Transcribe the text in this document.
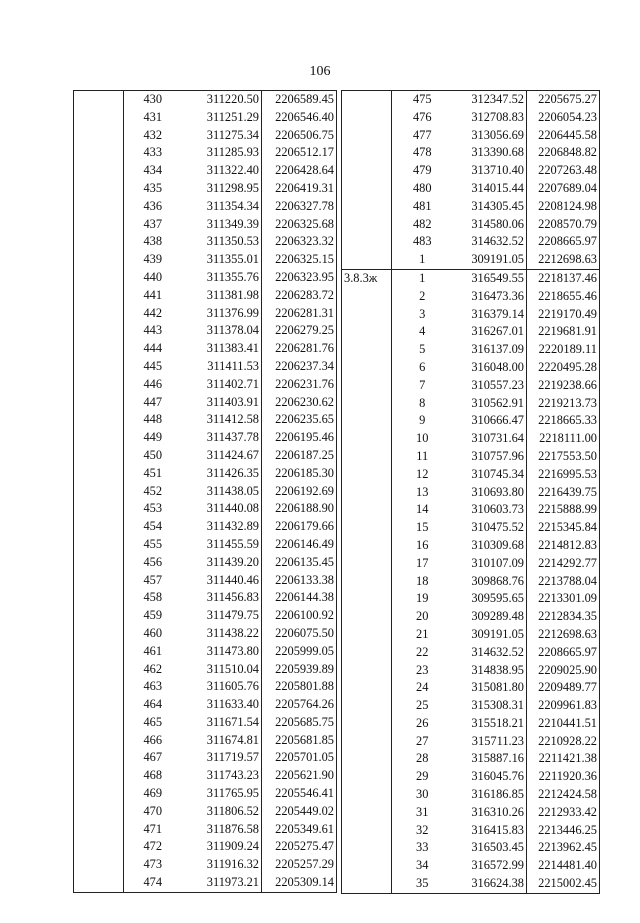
106
	430	311220.50	2206589.45
	431	311251.29	2206546.40
	432	311275.34	2206506.75
	433	311285.93	2206512.17
	434	311322.40	2206428.64
	435	311298.95	2206419.31
	436	311354.34	2206327.78
	437	311349.39	2206325.68
	438	311350.53	2206323.32
	439	311355.01	2206325.15
	440	311355.76	2206323.95
	441	311381.98	2206283.72
	442	311376.99	2206281.31
	443	311378.04	2206279.25
	444	311383.41	2206281.76
	445	311411.53	2206237.34
	446	311402.71	2206231.76
	447	311403.91	2206230.62
	448	311412.58	2206235.65
	449	311437.78	2206195.46
	450	311424.67	2206187.25
	451	311426.35	2206185.30
	452	311438.05	2206192.69
	453	311440.08	2206188.90
	454	311432.89	2206179.66
	455	311455.59	2206146.49
	456	311439.20	2206135.45
	457	311440.46	2206133.38
	458	311456.83	2206144.38
	459	311479.75	2206100.92
	460	311438.22	2206075.50
	461	311473.80	2205999.05
	462	311510.04	2205939.89
	463	311605.76	2205801.88
	464	311633.40	2205764.26
	465	311671.54	2205685.75
	466	311674.81	2205681.85
	467	311719.57	2205701.05
	468	311743.23	2205621.90
	469	311765.95	2205546.41
	470	311806.52	2205449.02
	471	311876.58	2205349.61
	472	311909.24	2205275.47
	473	311916.32	2205257.29
	474	311973.21	2205309.14
	475	312347.52	2205675.27
	476	312708.83	2206054.23
	477	313056.69	2206445.58
	478	313390.68	2206848.82
	479	313710.40	2207263.48
	480	314015.44	2207689.04
	481	314305.45	2208124.98
	482	314580.06	2208570.79
	483	314632.52	2208665.97
	1	309191.05	2212698.63
3.8.3ж	1	316549.55	2218137.46
	2	316473.36	2218655.46
	3	316379.14	2219170.49
	4	316267.01	2219681.91
	5	316137.09	2220189.11
	6	316048.00	2220495.28
	7	310557.23	2219238.66
	8	310562.91	2219213.73
	9	310666.47	2218665.33
	10	310731.64	2218111.00
	11	310757.96	2217553.50
	12	310745.34	2216995.53
	13	310693.80	2216439.75
	14	310603.73	2215888.99
	15	310475.52	2215345.84
	16	310309.68	2214812.83
	17	310107.09	2214292.77
	18	309868.76	2213788.04
	19	309595.65	2213301.09
	20	309289.48	2212834.35
	21	309191.05	2212698.63
	22	314632.52	2208665.97
	23	314838.95	2209025.90
	24	315081.80	2209489.77
	25	315308.31	2209961.83
	26	315518.21	2210441.51
	27	315711.23	2210928.22
	28	315887.16	2211421.38
	29	316045.76	2211920.36
	30	316186.85	2212424.58
	31	316310.26	2212933.42
	32	316415.83	2213446.25
	33	316503.45	2213962.45
	34	316572.99	2214481.40
	35	316624.38	2215002.45
